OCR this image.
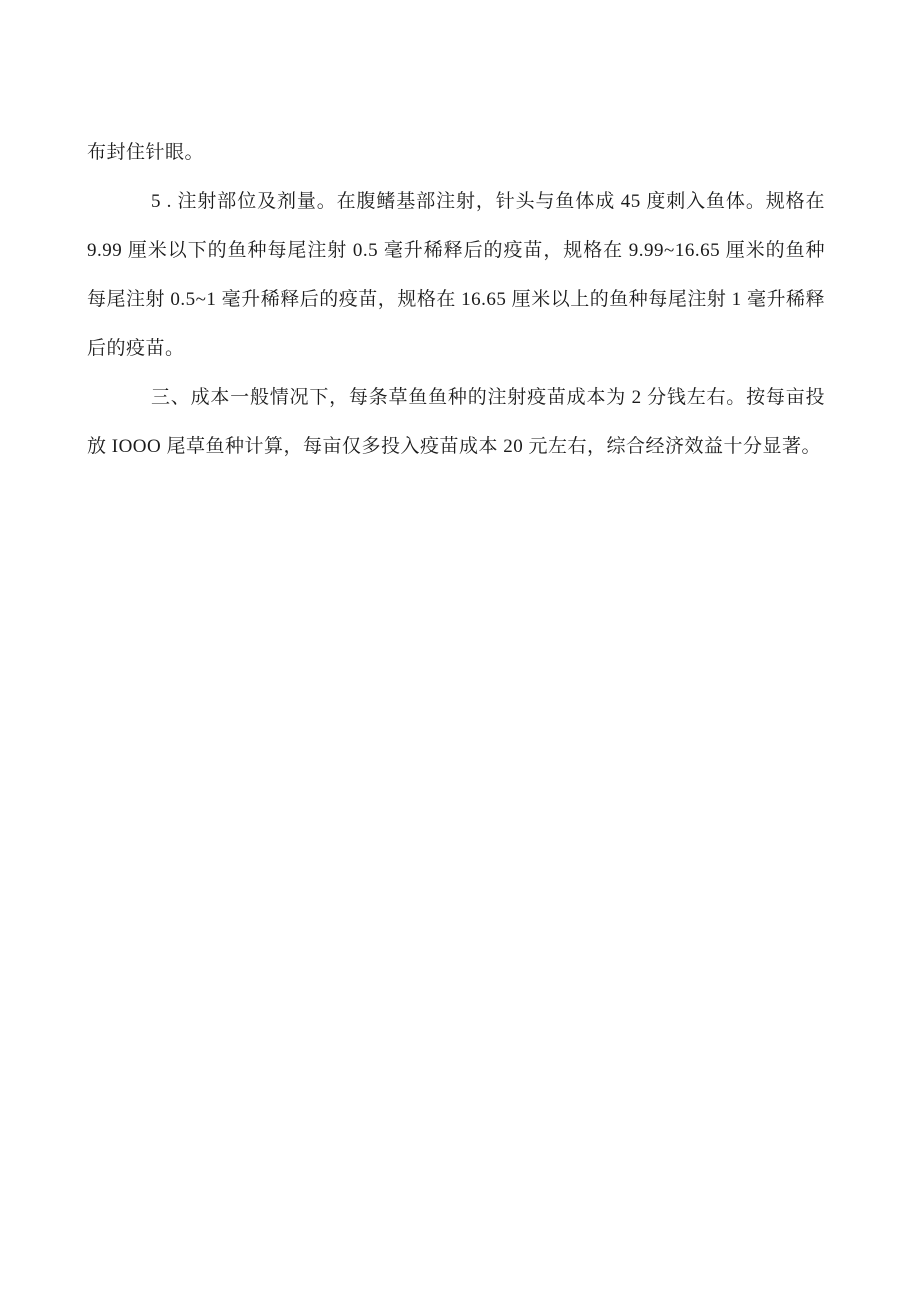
布封住针眼。

5 . 注射部位及剂量。在腹鳍基部注射，针头与鱼体成 45 度刺入鱼体。规格在 9.99 厘米以下的鱼种每尾注射 0.5 毫升稀释后的疫苗，规格在 9.99~16.65 厘米的鱼种每尾注射 0.5~1 毫升稀释后的疫苗，规格在 16.65 厘米以上的鱼种每尾注射 1 毫升稀释后的疫苗。

三、成本一般情况下，每条草鱼鱼种的注射疫苗成本为 2 分钱左右。按每亩投放 IOOO 尾草鱼种计算，每亩仅多投入疫苗成本 20 元左右，综合经济效益十分显著。
